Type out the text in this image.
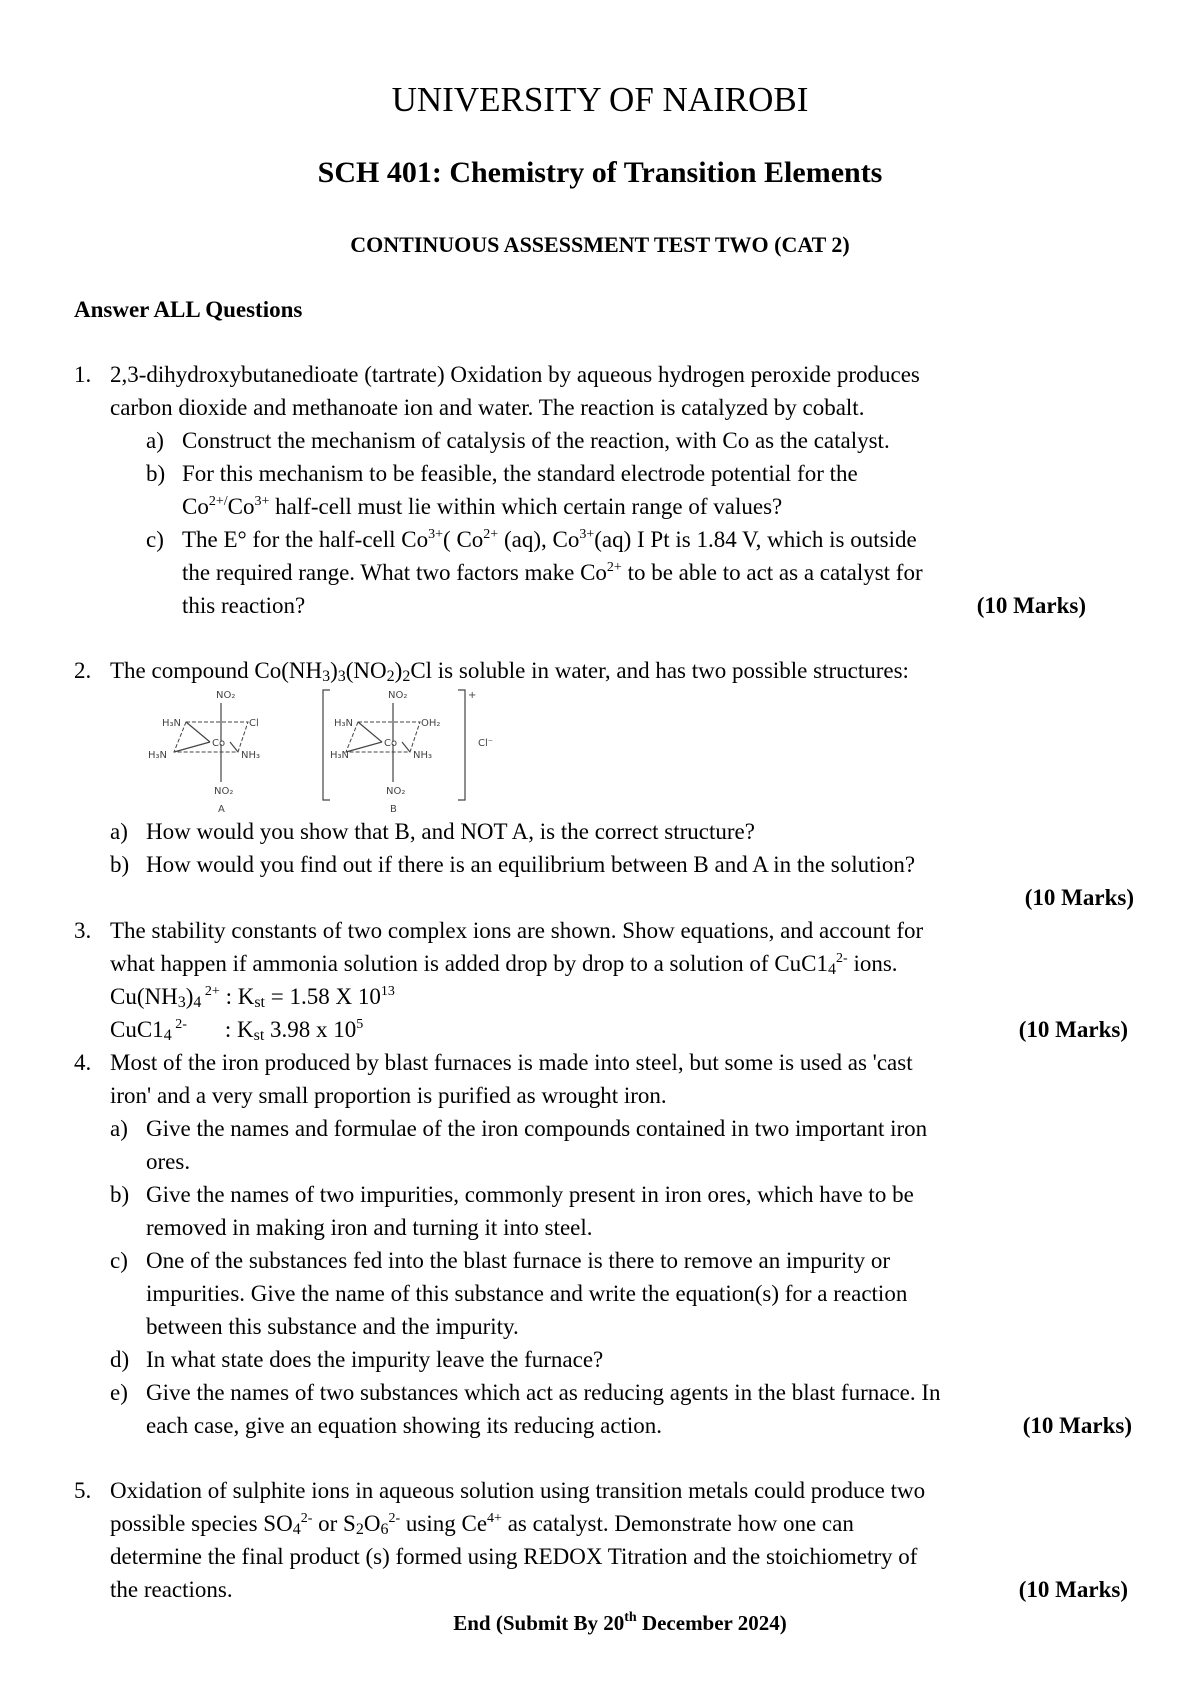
UNIVERSITY OF NAIROBI
SCH 401: Chemistry of Transition Elements
CONTINUOUS ASSESSMENT TEST TWO (CAT 2)
Answer ALL Questions
1. 2,3-dihydroxybutanedioate (tartrate) Oxidation by aqueous hydrogen peroxide produces
carbon dioxide and methanoate ion and water. The reaction is catalyzed by cobalt.
a) Construct the mechanism of catalysis of the reaction, with Co as the catalyst.
b) For this mechanism to be feasible, the standard electrode potential for the
$Co^{2+/}Co^{3+}$ half-cell must lie within which certain range of values?
c) The E° for the half-cell $Co^{3+}$( $Co^{2+}$ (aq), $Co^{3+}(aq)$ I Pt is 1.84 V, which is outside
the required range. What two factors make $Co^{2+}$ to be able to act as a catalyst for
this reaction?	(10 Marks)
2. The compound $Co(NH_3)_3(NO_2)_2Cl$ is soluble in water, and has two possible structures:
NO₂
H₃N	Cl
Co
H₃N	NH₃
NO₂
A
+
NO₂
H₃N	OH₂
Co
H₃N	NH₃
NO₂
B
Cl⁻
a) How would you show that B, and NOT A, is the correct structure?
b) How would you find out if there is an equilibrium between B and A in the solution?
(10 Marks)
3. The stability constants of two complex ions are shown. Show equations, and account for
what happen if ammonia solution is added drop by drop to a solution of $CuC1_4^{2-}$ ions.
$Cu(NH_3)_4$ $^{2+}$ : $K_{st} = 1.58$ X $10^{13}$
$CuC1_4$ $^{2-}$ : $K_{st}$ 3.98 x $10^5$	(10 Marks)
4. Most of the iron produced by blast furnaces is made into steel, but some is used as 'cast
iron' and a very small proportion is purified as wrought iron.
a) Give the names and formulae of the iron compounds contained in two important iron
ores.
b) Give the names of two impurities, commonly present in iron ores, which have to be
removed in making iron and turning it into steel.
c) One of the substances fed into the blast furnace is there to remove an impurity or
impurities. Give the name of this substance and write the equation(s) for a reaction
between this substance and the impurity.
d) In what state does the impurity leave the furnace?
e) Give the names of two substances which act as reducing agents in the blast furnace. In
each case, give an equation showing its reducing action.	(10 Marks)
5. Oxidation of sulphite ions in aqueous solution using transition metals could produce two
possible species $SO_4^{2-}$ or $S_2O_6^{2-}$ using $Ce^{4+}$ as catalyst. Demonstrate how one can
determine the final product (s) formed using REDOX Titration and the stoichiometry of
the reactions.	(10 Marks)
End (Submit By 20th December 2024)
